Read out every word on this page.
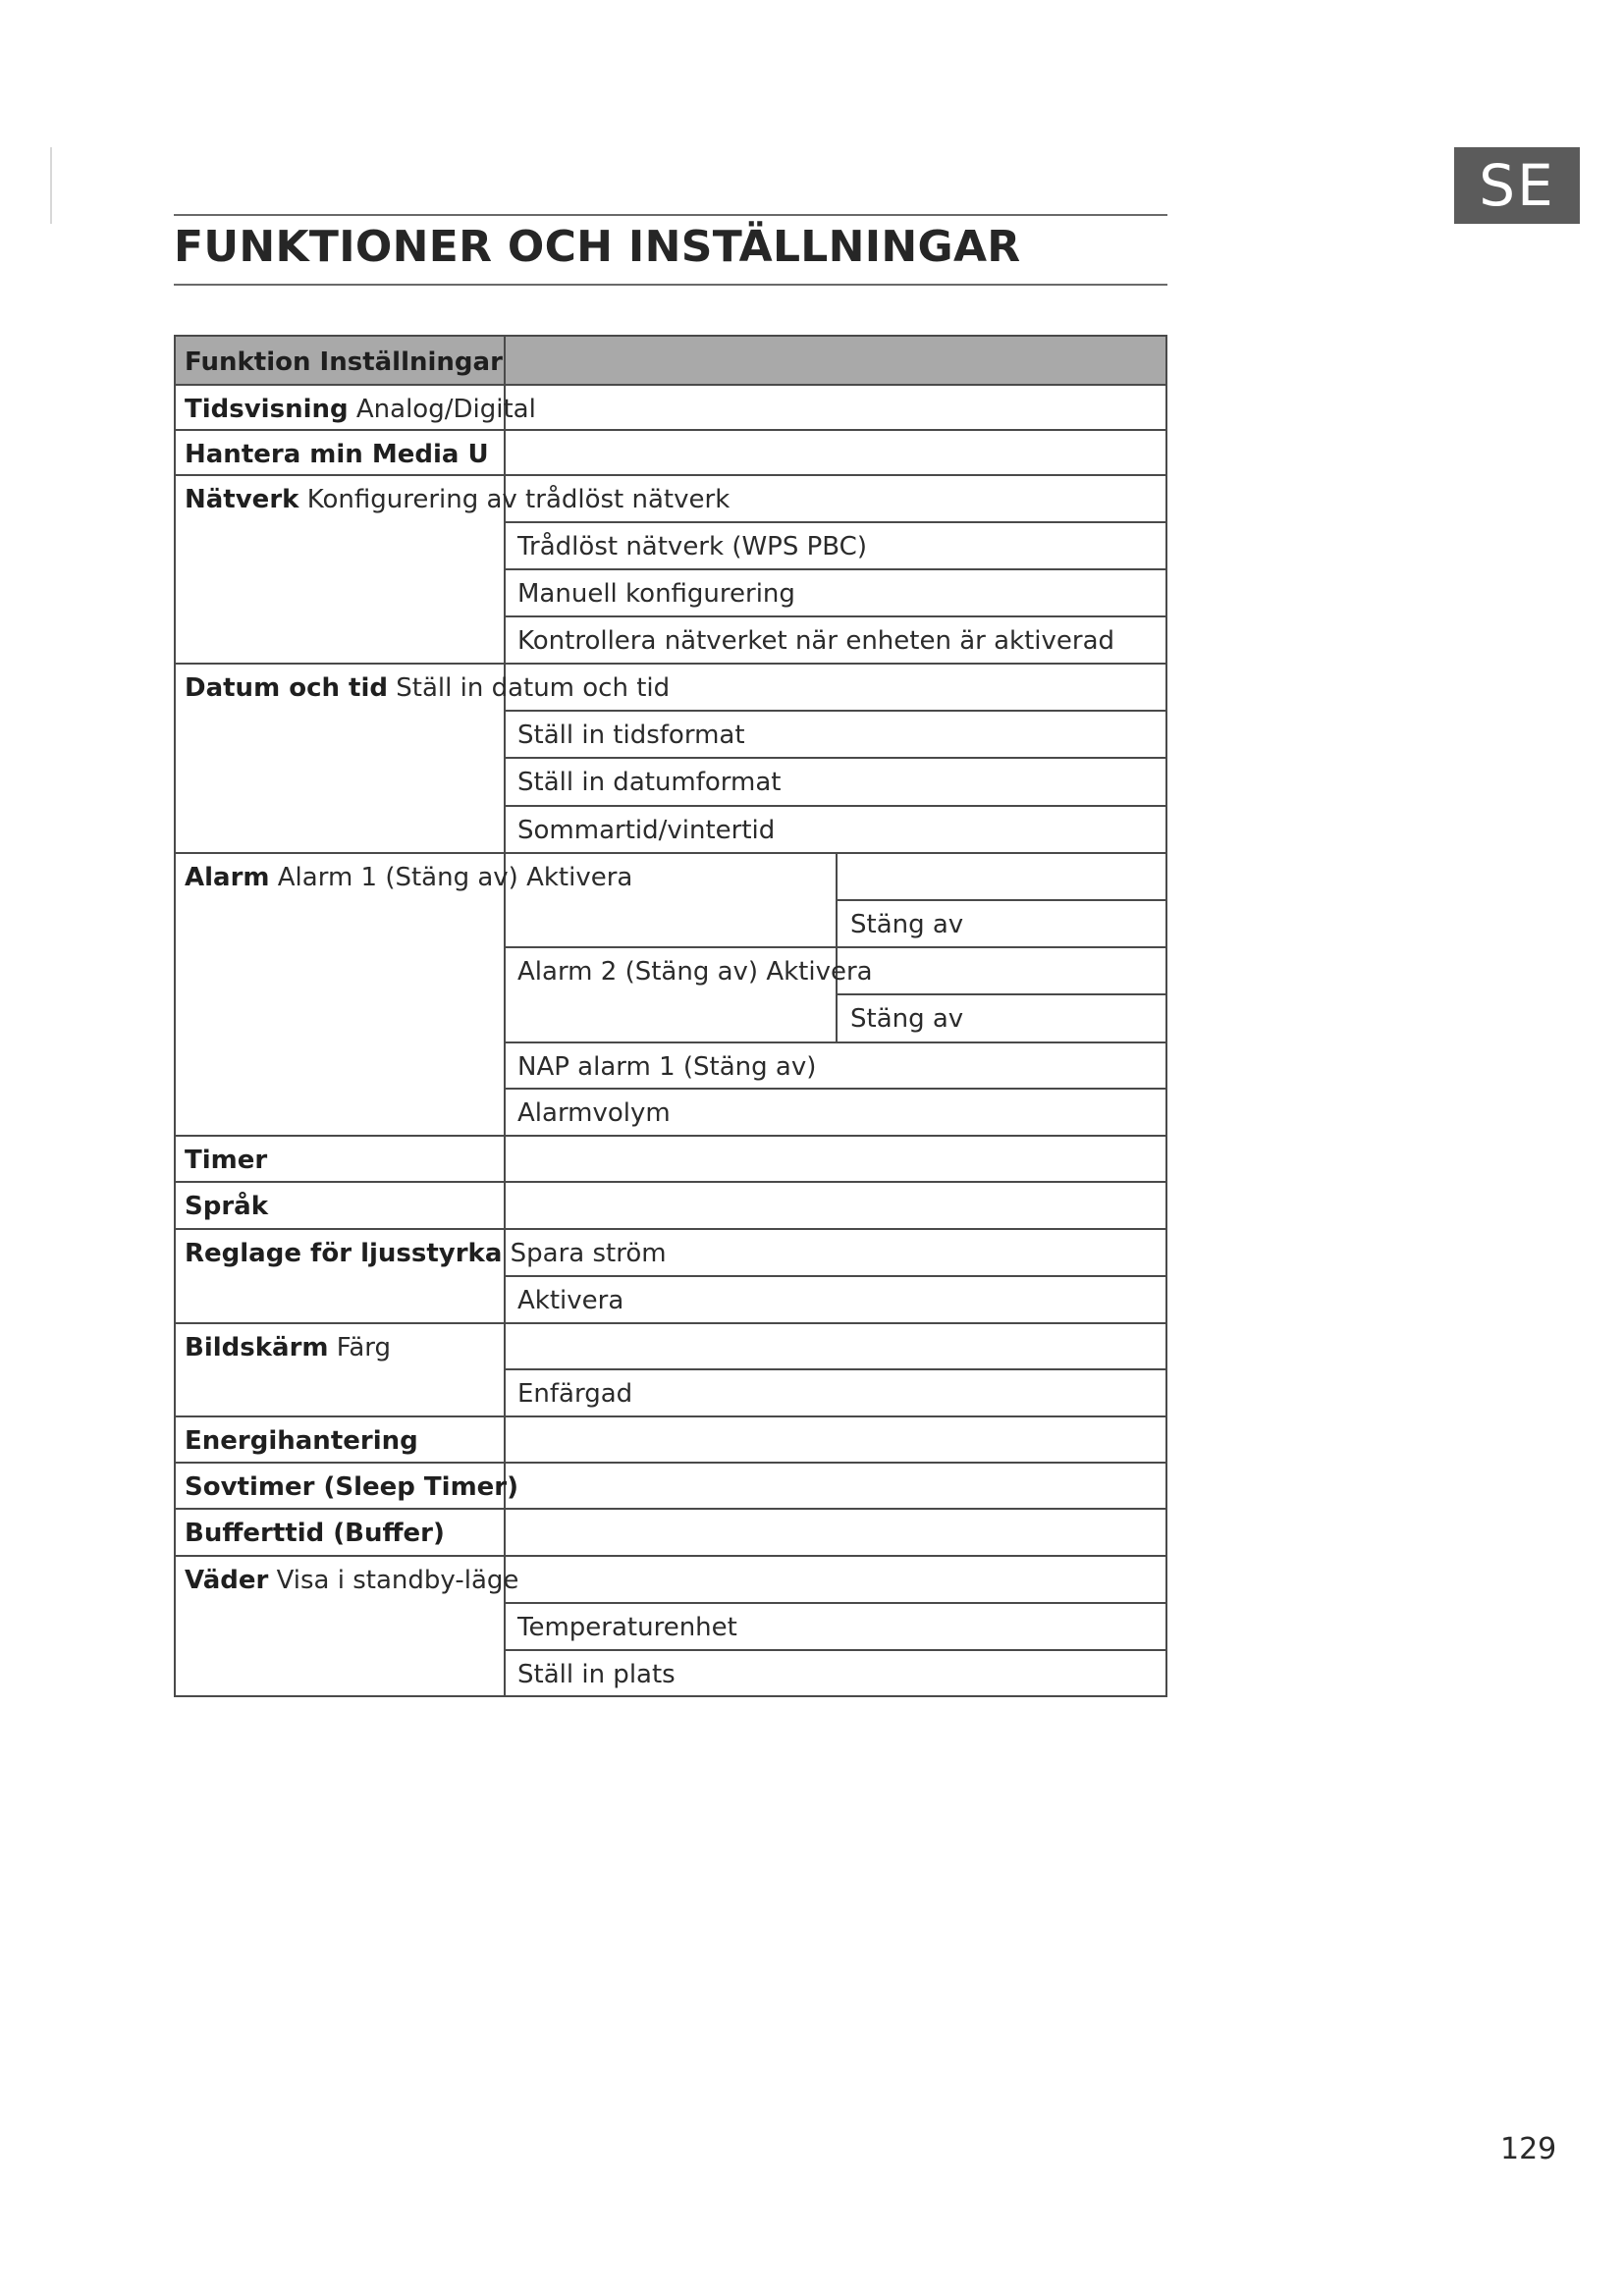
SE
FUNKTIONER OCH INSTÄLLNINGAR
Funktion Inställningar
Tidsvisning Analog/Digital
Hantera min Media U
Nätverk Konfigurering av trådlöst nätverk
Trådlöst nätverk (WPS PBC)
Manuell konfigurering
Kontrollera nätverket när enheten är aktiverad
Datum och tid Ställ in datum och tid
Ställ in tidsformat
Ställ in datumformat
Sommartid/vintertid
Alarm Alarm 1 (Stäng av) Aktivera
Stäng av
Alarm 2 (Stäng av) Aktivera
Stäng av
NAP alarm 1 (Stäng av)
Alarmvolym
Timer
Språk
Reglage för ljusstyrka Spara ström
Aktivera
Bildskärm Färg
Enfärgad
Energihantering
Sovtimer (Sleep Timer)
Bufferttid (Buffer)
Väder Visa i standby-läge
Temperaturenhet
Ställ in plats
129
